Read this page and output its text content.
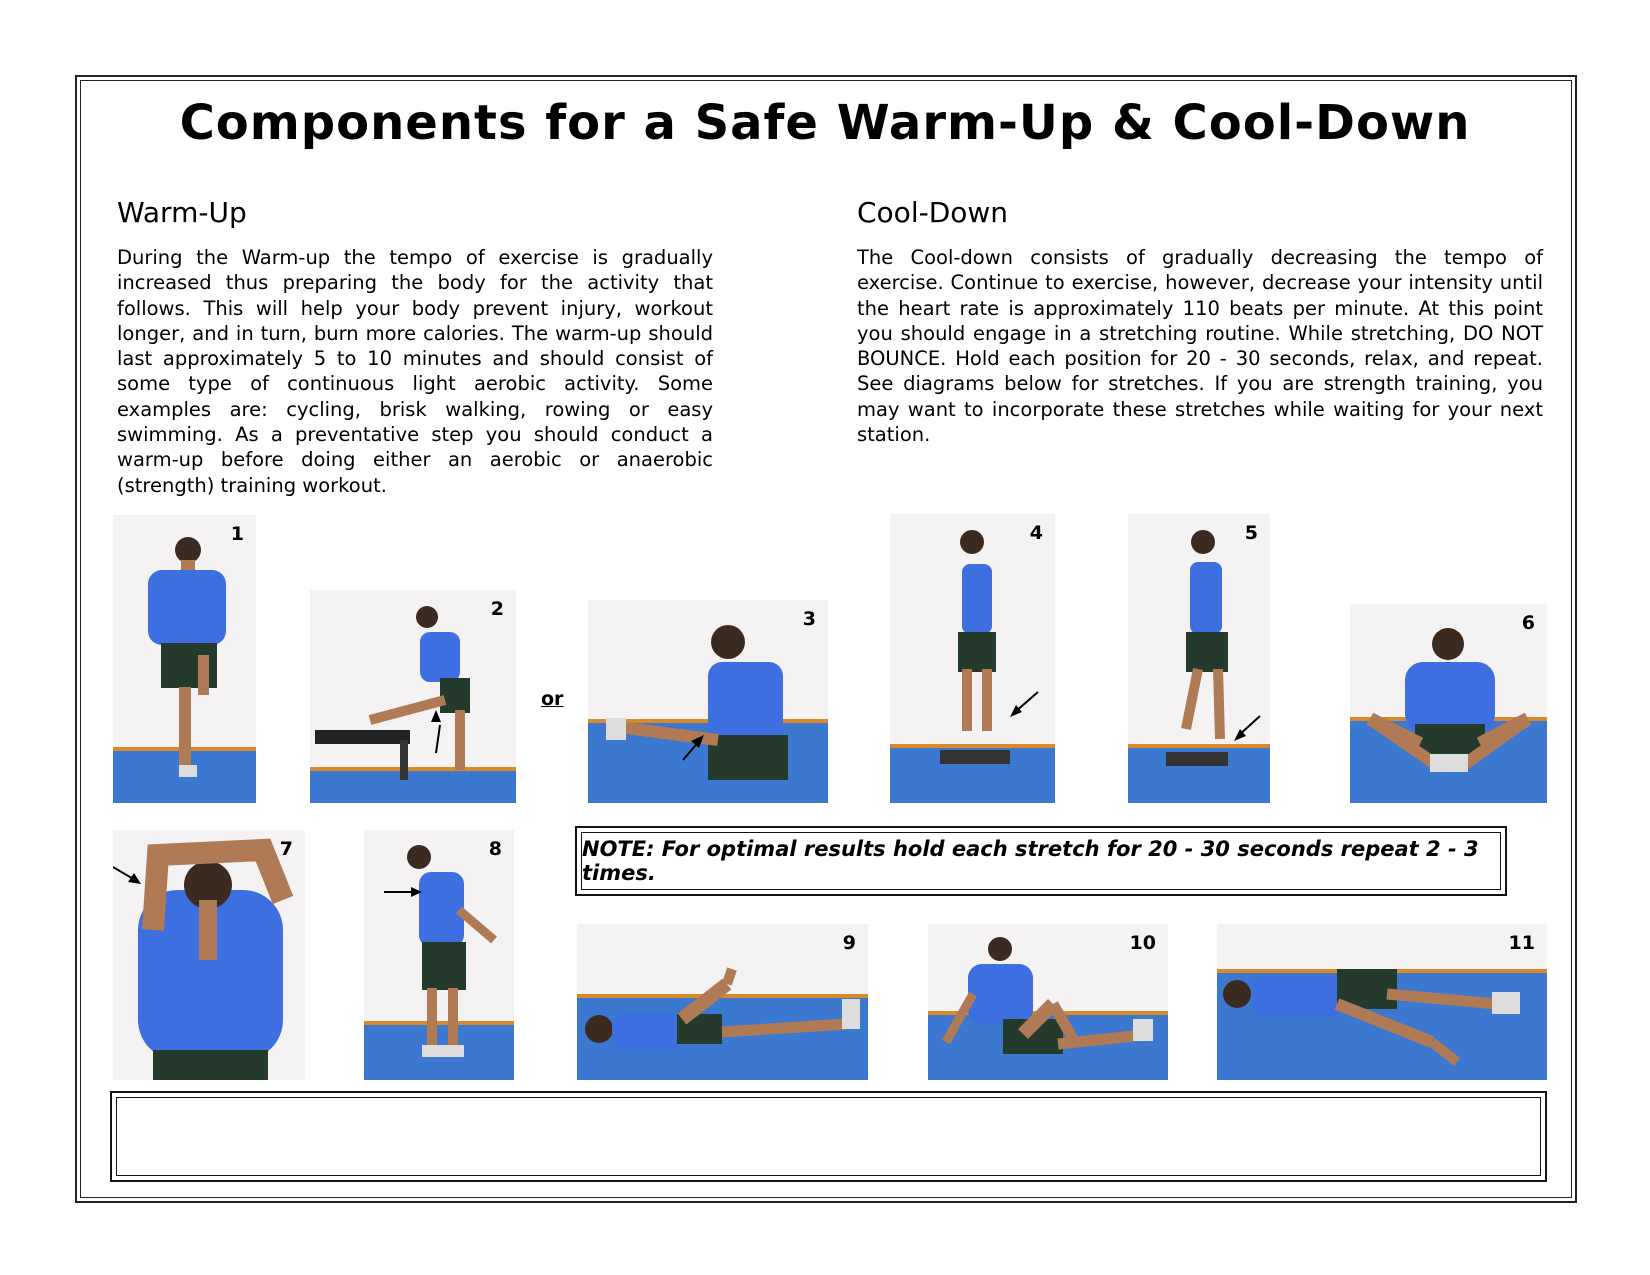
Components for a Safe Warm-Up & Cool-Down
Warm-Up
During the Warm-up the tempo of exercise is gradually increased thus preparing the body for the activity that follows. This will help your body prevent injury, workout longer, and in turn, burn more calories. The warm-up should last approximately 5 to 10 minutes and should consist of some type of continuous light aerobic activity. Some examples are: cycling, brisk walking, rowing or easy swimming. As a preventative step you should conduct a warm-up before doing either an aerobic or anaerobic (strength) training workout.
Cool-Down
The Cool-down consists of gradually decreasing the tempo of exercise. Continue to exercise, however, decrease your intensity until the heart rate is approximately 110 beats per minute. At this point you should engage in a stretching routine. While stretching, DO NOT BOUNCE. Hold each position for 20 - 30 seconds, relax, and repeat. See diagrams below for stretches. If you are strength training, you may want to incorporate these stretches while waiting for your next station.
1
2
or
3
4	5
6
7	8	NOTE: For optimal results hold each stretch for 20 - 30 seconds repeat 2 - 3 times.
9	10	11
